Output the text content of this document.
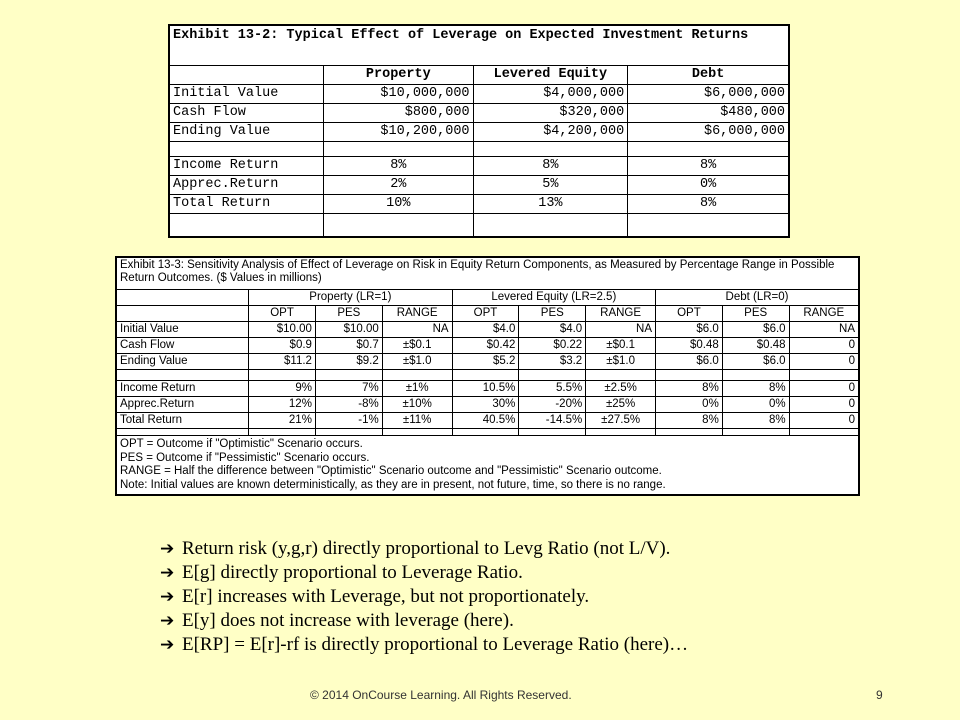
Exhibit 13-2: Typical Effect of Leverage on Expected Investment Returns			
	Property	Levered Equity	Debt
Initial Value	$10,000,000	$4,000,000	$6,000,000
Cash Flow	$800,000	$320,000	$480,000
Ending Value	$10,200,000	$4,200,000	$6,000,000

Income Return	8%	8%	8%
Apprec.Return	2%	5%	0%
Total Return	10%	13%	8%

Exhibit 13-3: Sensitivity Analysis of Effect of Leverage on Risk in Equity Return Components, as Measured by Percentage Range in Possible Return Outcomes. ($ Values in millions)									
	Property (LR=1)			Levered Equity (LR=2.5)			Debt (LR=0)		
	OPT	PES	RANGE	OPT	PES	RANGE	OPT	PES	RANGE
Initial Value	$10.00	$10.00	NA	$4.0	$4.0	NA	$6.0	$6.0	NA
Cash Flow	$0.9	$0.7	±$0.1	$0.42	$0.22	±$0.1	$0.48	$0.48	0
Ending Value	$11.2	$9.2	±$1.0	$5.2	$3.2	±$1.0	$6.0	$6.0	0

Income Return	9%	7%	±1%	10.5%	5.5%	±2.5%	8%	8%	0
Apprec.Return	12%	-8%	±10%	30%	-20%	±25%	0%	0%	0
Total Return	21%	-1%	±11%	40.5%	-14.5%	±27.5%	8%	8%	0

OPT = Outcome if "Optimistic" Scenario occurs.
PES = Outcome if "Pessimistic" Scenario occurs.
RANGE = Half the difference between "Optimistic" Scenario outcome and "Pessimistic" Scenario outcome.
Note: Initial values are known deterministically, as they are in present, not future, time, so there is no range.									
➔ Return risk (y,g,r) directly proportional to Levg Ratio (not L/V).
➔ E[g] directly proportional to Leverage Ratio.
➔ E[r] increases with Leverage, but not proportionately.
➔ E[y] does not increase with leverage (here).
➔ E[RP] = E[r]-rf is directly proportional to Leverage Ratio (here)…
© 2014 OnCourse Learning. All Rights Reserved.	9
